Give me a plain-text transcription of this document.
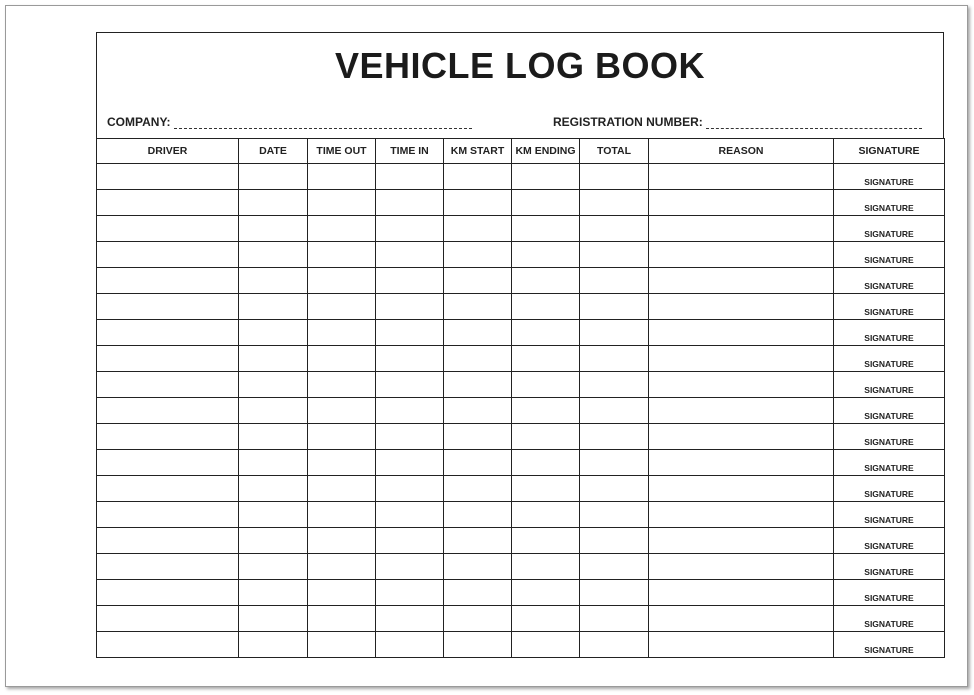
VEHICLE LOG BOOK
COMPANY:	REGISTRATION NUMBER:
DRIVER	DATE	TIME OUT	TIME IN	KM START	KM ENDING	TOTAL	REASON	SIGNATURE
								SIGNATURE
								SIGNATURE
								SIGNATURE
								SIGNATURE
								SIGNATURE
								SIGNATURE
								SIGNATURE
								SIGNATURE
								SIGNATURE
								SIGNATURE
								SIGNATURE
								SIGNATURE
								SIGNATURE
								SIGNATURE
								SIGNATURE
								SIGNATURE
								SIGNATURE
								SIGNATURE
								SIGNATURE
